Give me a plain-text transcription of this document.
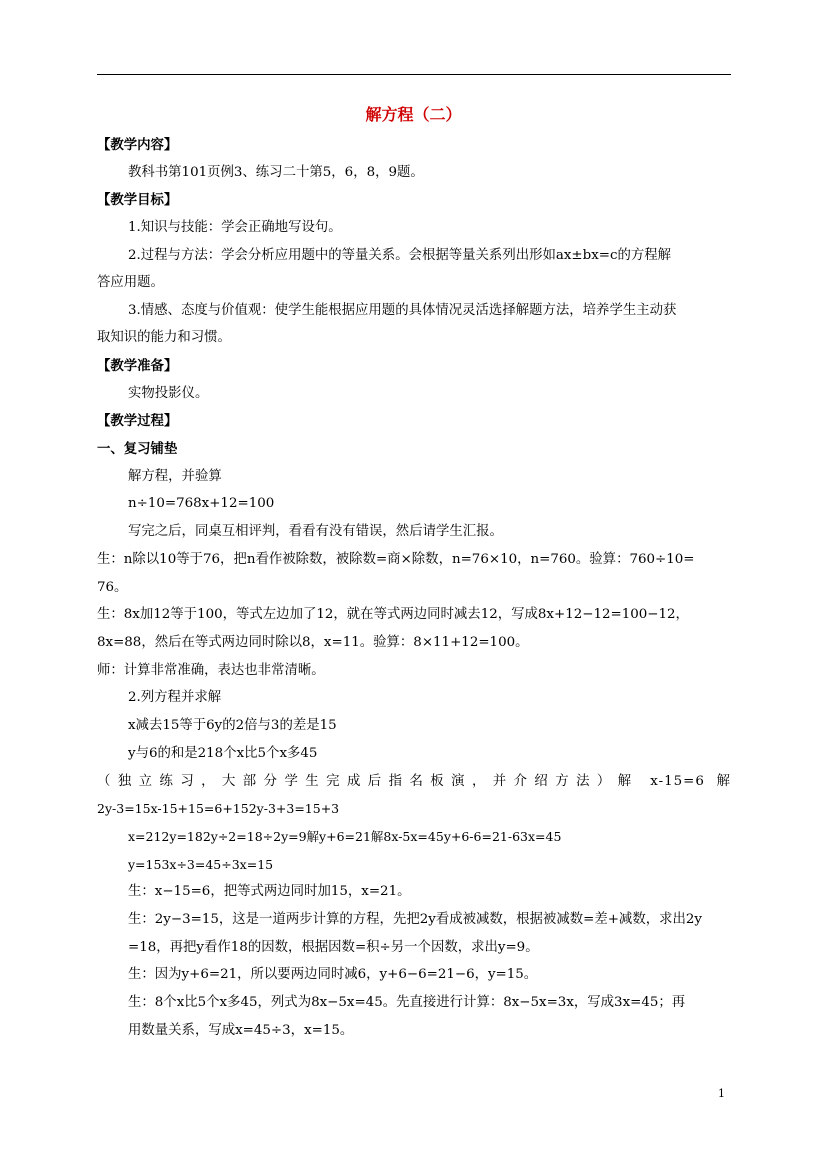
解方程（二）
【教学内容】
教科书第101页例3、练习二十第5，6，8，9题。
【教学目标】
1.知识与技能：学会正确地写设句。
2.过程与方法：学会分析应用题中的等量关系。会根据等量关系列出形如ax±bx=c的方程解
答应用题。
3.情感、态度与价值观：使学生能根据应用题的具体情况灵活选择解题方法，培养学生主动获
取知识的能力和习惯。
【教学准备】
实物投影仪。
【教学过程】
一、复习铺垫
解方程，并验算
n÷10=768x+12=100
写完之后，同桌互相评判，看看有没有错误，然后请学生汇报。
生：n除以10等于76，把n看作被除数，被除数=商×除数，n=76×10，n=760。验算：760÷10=
76。
生：8x加12等于100，等式左边加了12，就在等式两边同时减去12，写成8x+12−12=100−12，
8x=88，然后在等式两边同时除以8，x=11。验算：8×11+12=100。
师：计算非常准确，表达也非常清晰。
2.列方程并求解
x减去15等于6y的2倍与3的差是15
y与6的和是218个x比5个x多45
（独立练习，大部分学生完成后指名板演，并介绍方法）解 x-15=6 解
2y-3=15x-15+15=6+152y-3+3=15+3
x=212y=182y÷2=18÷2y=9解y+6=21解8x-5x=45y+6-6=21-63x=45
y=153x÷3=45÷3x=15
生：x−15=6，把等式两边同时加15，x=21。
生：2y−3=15，这是一道两步计算的方程，先把2y看成被减数，根据被减数=差+减数，求出2y
=18，再把y看作18的因数，根据因数=积÷另一个因数，求出y=9。
生：因为y+6=21，所以要两边同时减6，y+6−6=21−6，y=15。
生：8个x比5个x多45，列式为8x−5x=45。先直接进行计算：8x−5x=3x，写成3x=45；再
用数量关系，写成x=45÷3，x=15。
1
